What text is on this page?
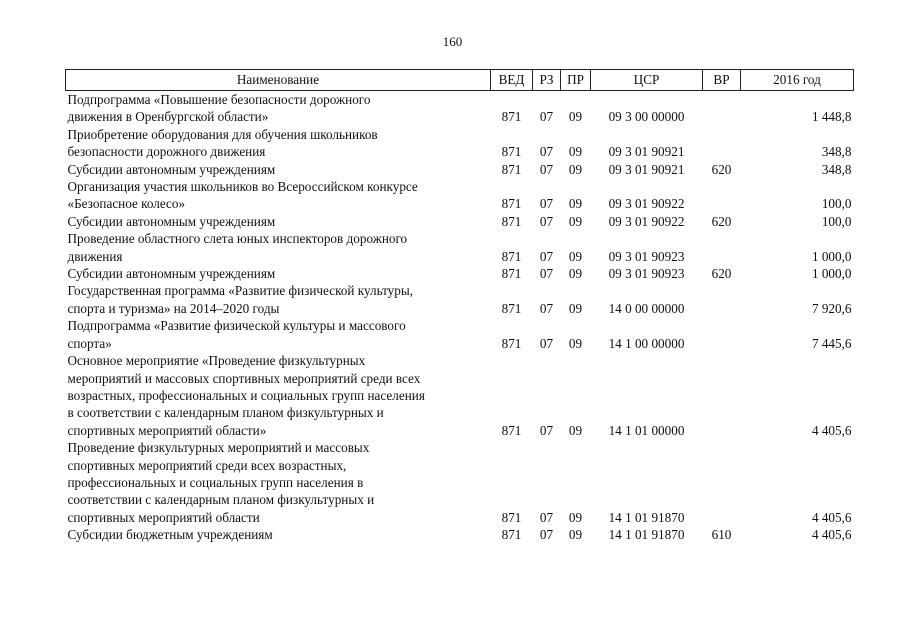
160
Наименование	ВЕД	РЗ	ПР	ЦСР	ВР	2016 год

Подпрограмма «Повышение безопасности дорожного
движения в Оренбургской области»	871	07	09	09 3 00 00000		1 448,8

Приобретение оборудования для обучения школьников
безопасности дорожного движения	871	07	09	09 3 01 90921		348,8

Субсидии автономным учреждениям	871	07	09	09 3 01 90921	620	348,8

Организация участия школьников во Всероссийском конкурсе
«Безопасное колесо»	871	07	09	09 3 01 90922		100,0

Субсидии автономным учреждениям	871	07	09	09 3 01 90922	620	100,0

Проведение областного слета юных инспекторов дорожного
движения	871	07	09	09 3 01 90923		1 000,0

Субсидии автономным учреждениям	871	07	09	09 3 01 90923	620	1 000,0

Государственная программа «Развитие физической культуры,
спорта и туризма» на 2014–2020 годы	871	07	09	14 0 00 00000		7 920,6

Подпрограмма «Развитие физической культуры и массового
спорта»	871	07	09	14 1 00 00000		7 445,6

Основное мероприятие «Проведение физкультурных
мероприятий и массовых спортивных мероприятий среди всех
возрастных, профессиональных и социальных групп населения
в соответствии с календарным планом физкультурных и
спортивных мероприятий области»	871	07	09	14 1 01 00000		4 405,6

Проведение физкультурных мероприятий и массовых
спортивных мероприятий среди всех возрастных,
профессиональных и социальных групп населения в
соответствии с календарным планом физкультурных и
спортивных мероприятий области	871	07	09	14 1 01 91870		4 405,6

Субсидии бюджетным учреждениям	871	07	09	14 1 01 91870	610	4 405,6
